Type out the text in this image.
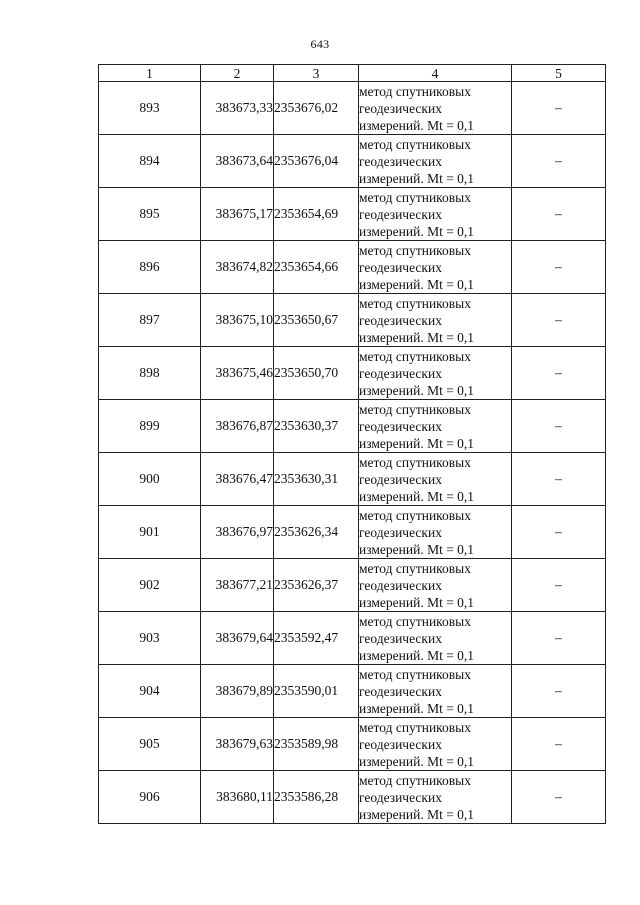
643
1	2	3	4	5
893	383673,33	2353676,02	метод спутниковых
геодезических
измерений. Mt = 0,1	–
894	383673,64	2353676,04	метод спутниковых
геодезических
измерений. Mt = 0,1	–
895	383675,17	2353654,69	метод спутниковых
геодезических
измерений. Mt = 0,1	–
896	383674,82	2353654,66	метод спутниковых
геодезических
измерений. Mt = 0,1	–
897	383675,10	2353650,67	метод спутниковых
геодезических
измерений. Mt = 0,1	–
898	383675,46	2353650,70	метод спутниковых
геодезических
измерений. Mt = 0,1	–
899	383676,87	2353630,37	метод спутниковых
геодезических
измерений. Mt = 0,1	–
900	383676,47	2353630,31	метод спутниковых
геодезических
измерений. Mt = 0,1	–
901	383676,97	2353626,34	метод спутниковых
геодезических
измерений. Mt = 0,1	–
902	383677,21	2353626,37	метод спутниковых
геодезических
измерений. Mt = 0,1	–
903	383679,64	2353592,47	метод спутниковых
геодезических
измерений. Mt = 0,1	–
904	383679,89	2353590,01	метод спутниковых
геодезических
измерений. Mt = 0,1	–
905	383679,63	2353589,98	метод спутниковых
геодезических
измерений. Mt = 0,1	–
906	383680,11	2353586,28	метод спутниковых
геодезических
измерений. Mt = 0,1	–
